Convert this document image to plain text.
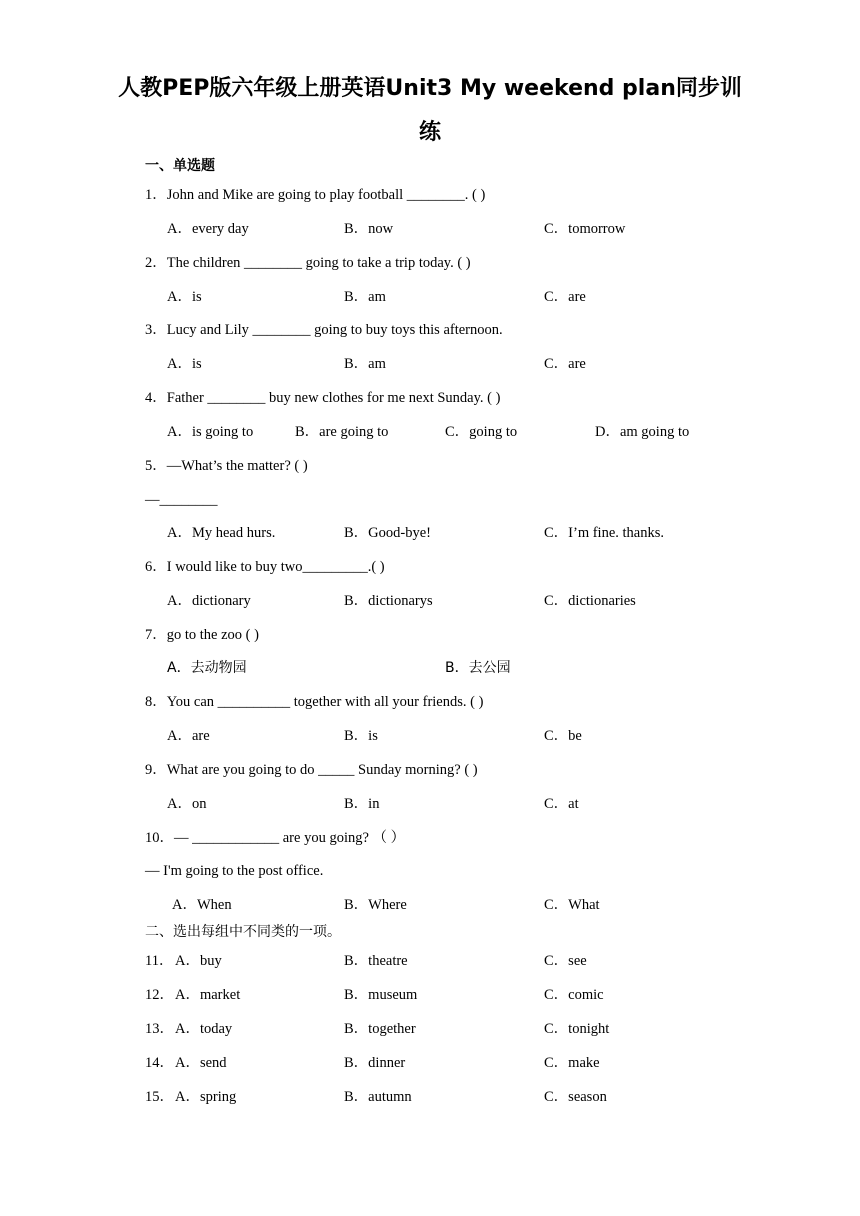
人教PEP版六年级上册英语Unit3 My weekend plan同步训
练
一、单选题
1．John and Mike are going to play football ________. ( )
A．every day	B．now	C．tomorrow
2．The children ________ going to take a trip today. ( )
A．is	B．am	C．are
3．Lucy and Lily ________ going to buy toys this afternoon.
A．is	B．am	C．are
4．Father ________ buy new clothes for me next Sunday. ( )
A．is going to	B．are going to	C．going to	D．am going to
5．—What’s the matter? ( )
—________
A．My head hurs.	B．Good-bye!	C．I’m fine. thanks.
6．I would like to buy two_________.( )
A．dictionary	B．dictionarys	C．dictionaries
7．go to the zoo ( )
A．去动物园	B．去公园
8．You can __________ together with all your friends. ( )
A．are	B．is	C．be
9．What are you going to do _____ Sunday morning? ( )
A．on	B．in	C．at
10．— ____________ are you going? （ ）
— I'm going to the post office.
A．When	B．Where	C．What
二、选出每组中不同类的一项。
11． A．buy	B．theatre	C．see
12． A．market	B．museum	C．comic
13． A．today	B．together	C．tonight
14． A．send	B．dinner	C．make
15． A．spring	B．autumn	C．season
